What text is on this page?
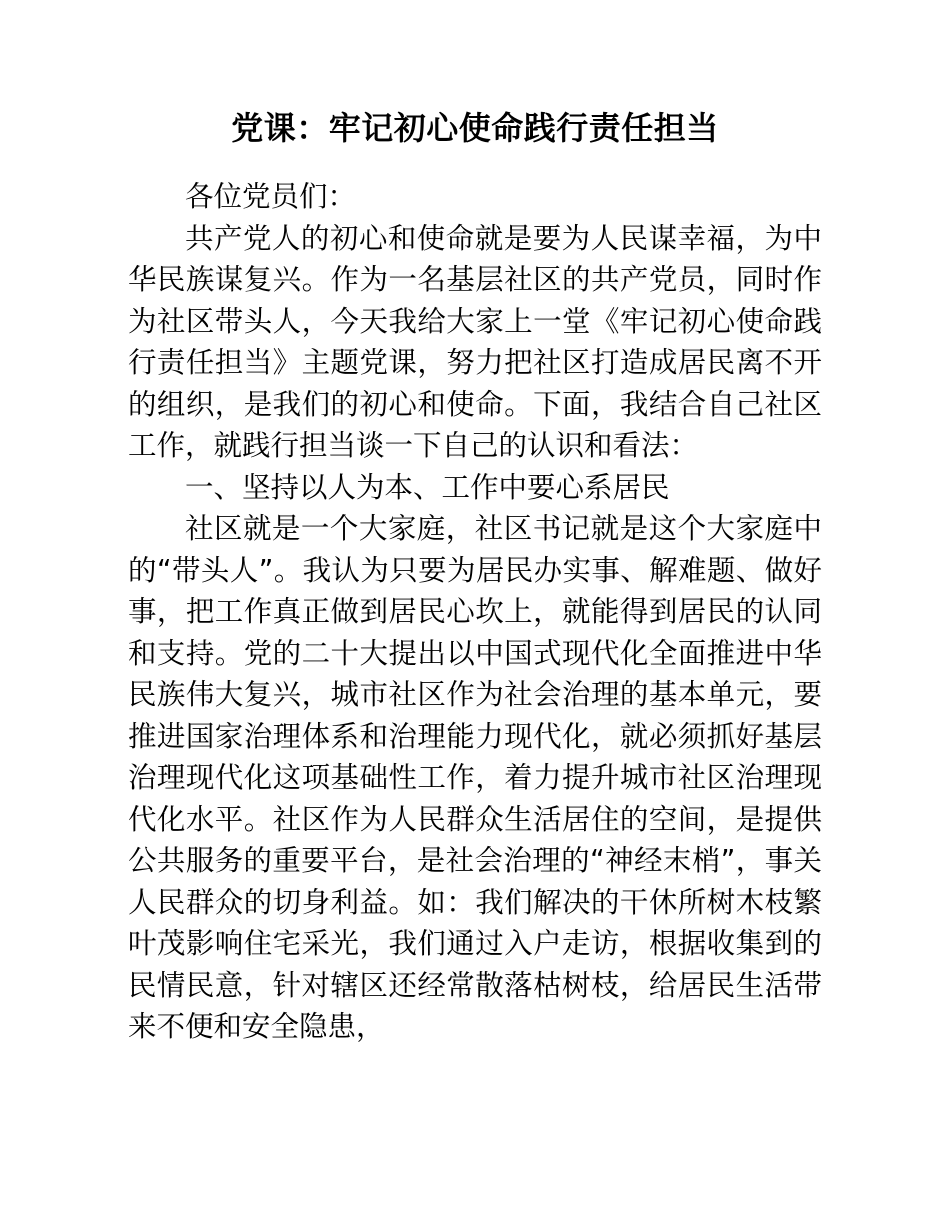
党课：牢记初心使命践行责任担当

各位党员们：

共产党人的初心和使命就是要为人民谋幸福，为中华民族谋复兴。作为一名基层社区的共产党员，同时作为社区带头人，今天我给大家上一堂《牢记初心使命践行责任担当》主题党课，努力把社区打造成居民离不开的组织，是我们的初心和使命。下面，我结合自己社区工作，就践行担当谈一下自己的认识和看法：

一、坚持以人为本、工作中要心系居民

社区就是一个大家庭，社区书记就是这个大家庭中的“带头人”。我认为只要为居民办实事、解难题、做好事，把工作真正做到居民心坎上，就能得到居民的认同和支持。党的二十大提出以中国式现代化全面推进中华民族伟大复兴，城市社区作为社会治理的基本单元，要推进国家治理体系和治理能力现代化，就必须抓好基层治理现代化这项基础性工作，着力提升城市社区治理现代化水平。社区作为人民群众生活居住的空间，是提供公共服务的重要平台，是社会治理的“神经末梢”，事关人民群众的切身利益。如：我们解决的干休所树木枝繁叶茂影响住宅采光，我们通过入户走访，根据收集到的民情民意，针对辖区还经常散落枯树枝，给居民生活带来不便和安全隐患，
